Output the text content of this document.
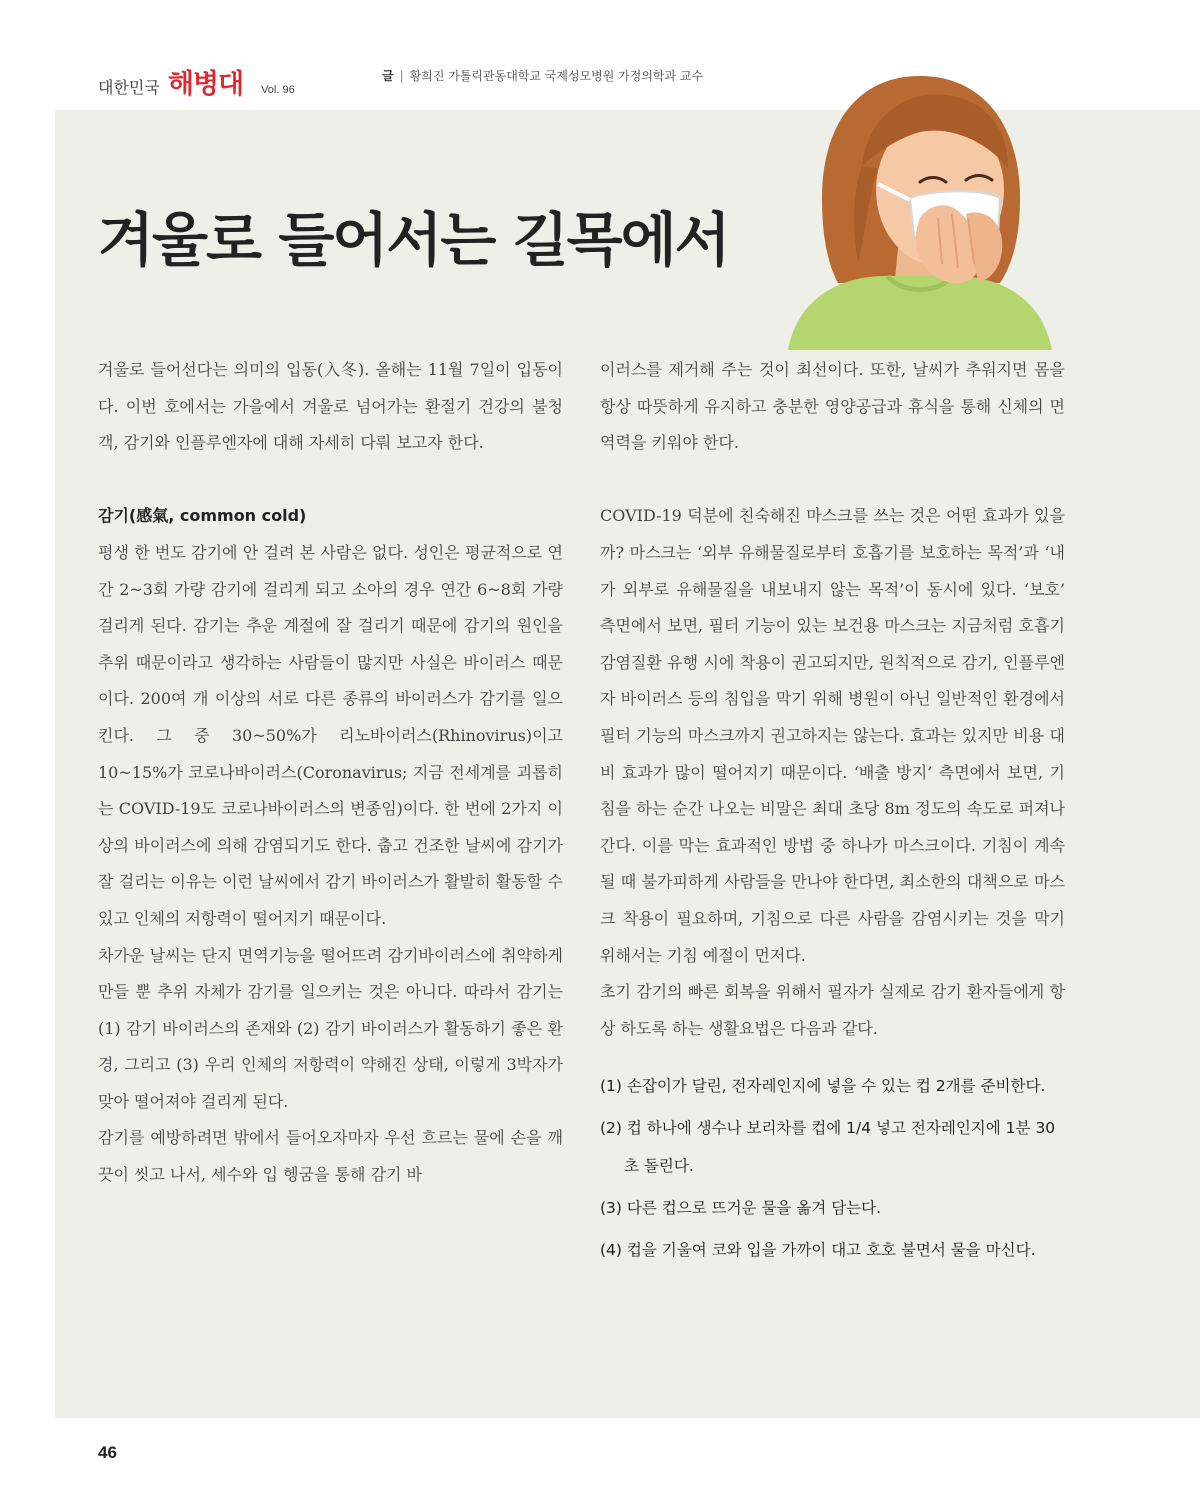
대한민국 해병대 Vol. 96
글 | 황희진 가톨릭관동대학교 국제성모병원 가정의학과 교수
겨울로 들어서는 길목에서

겨울로 들어선다는 의미의 입동(入冬). 올해는 11월 7일이 입동이다. 이번 호에서는 가을에서 겨울로 넘어가는 환절기 건강의 불청객, 감기와 인플루엔자에 대해 자세히 다뤄 보고자 한다.

감기(感氣, common cold)

평생 한 번도 감기에 안 걸려 본 사람은 없다. 성인은 평균적으로 연간 2~3회 가량 감기에 걸리게 되고 소아의 경우 연간 6~8회 가량 걸리게 된다. 감기는 추운 계절에 잘 걸리기 때문에 감기의 원인을 추위 때문이라고 생각하는 사람들이 많지만 사실은 바이러스 때문이다. 200여 개 이상의 서로 다른 종류의 바이러스가 감기를 일으킨다. 그 중 30~50%가 리노바이러스(Rhinovirus)이고 10~15%가 코로나바이러스(Coronavirus; 지금 전세계를 괴롭히는 COVID-19도 코로나바이러스의 변종임)이다. 한 번에 2가지 이상의 바이러스에 의해 감염되기도 한다. 춥고 건조한 날씨에 감기가 잘 걸리는 이유는 이런 날씨에서 감기 바이러스가 활발히 활동할 수 있고 인체의 저항력이 떨어지기 때문이다.

차가운 날씨는 단지 면역기능을 떨어뜨려 감기바이러스에 취약하게 만들 뿐 추위 자체가 감기를 일으키는 것은 아니다. 따라서 감기는 (1) 감기 바이러스의 존재와 (2) 감기 바이러스가 활동하기 좋은 환경, 그리고 (3) 우리 인체의 저항력이 약해진 상태, 이렇게 3박자가 맞아 떨어져야 걸리게 된다.

감기를 예방하려면 밖에서 들어오자마자 우선 흐르는 물에 손을 깨끗이 씻고 나서, 세수와 입 헹굼을 통해 감기 바

이러스를 제거해 주는 것이 최선이다. 또한, 날씨가 추워지면 몸을 항상 따뜻하게 유지하고 충분한 영양공급과 휴식을 통해 신체의 면역력을 키워야 한다.

COVID-19 덕분에 친숙해진 마스크를 쓰는 것은 어떤 효과가 있을까? 마스크는 ‘외부 유해물질로부터 호흡기를 보호하는 목적’과 ‘내가 외부로 유해물질을 내보내지 않는 목적’이 동시에 있다. ‘보호’ 측면에서 보면, 필터 기능이 있는 보건용 마스크는 지금처럼 호흡기 감염질환 유행 시에 착용이 권고되지만, 원칙적으로 감기, 인플루엔자 바이러스 등의 침입을 막기 위해 병원이 아닌 일반적인 환경에서 필터 기능의 마스크까지 권고하지는 않는다. 효과는 있지만 비용 대비 효과가 많이 떨어지기 때문이다. ‘배출 방지’ 측면에서 보면, 기침을 하는 순간 나오는 비말은 최대 초당 8m 정도의 속도로 퍼져나간다. 이를 막는 효과적인 방법 중 하나가 마스크이다. 기침이 계속될 때 불가피하게 사람들을 만나야 한다면, 최소한의 대책으로 마스크 착용이 필요하며, 기침으로 다른 사람을 감염시키는 것을 막기 위해서는 기침 예절이 먼저다.

초기 감기의 빠른 회복을 위해서 필자가 실제로 감기 환자들에게 항상 하도록 하는 생활요법은 다음과 같다.

(1) 손잡이가 달린, 전자레인지에 넣을 수 있는 컵 2개를 준비한다.
(2) 컵 하나에 생수나 보리차를 컵에 1/4 넣고 전자레인지에 1분 30초 돌린다.
(3) 다른 컵으로 뜨거운 물을 옮겨 담는다.
(4) 컵을 기울여 코와 입을 가까이 대고 호호 불면서 물을 마신다.
46
